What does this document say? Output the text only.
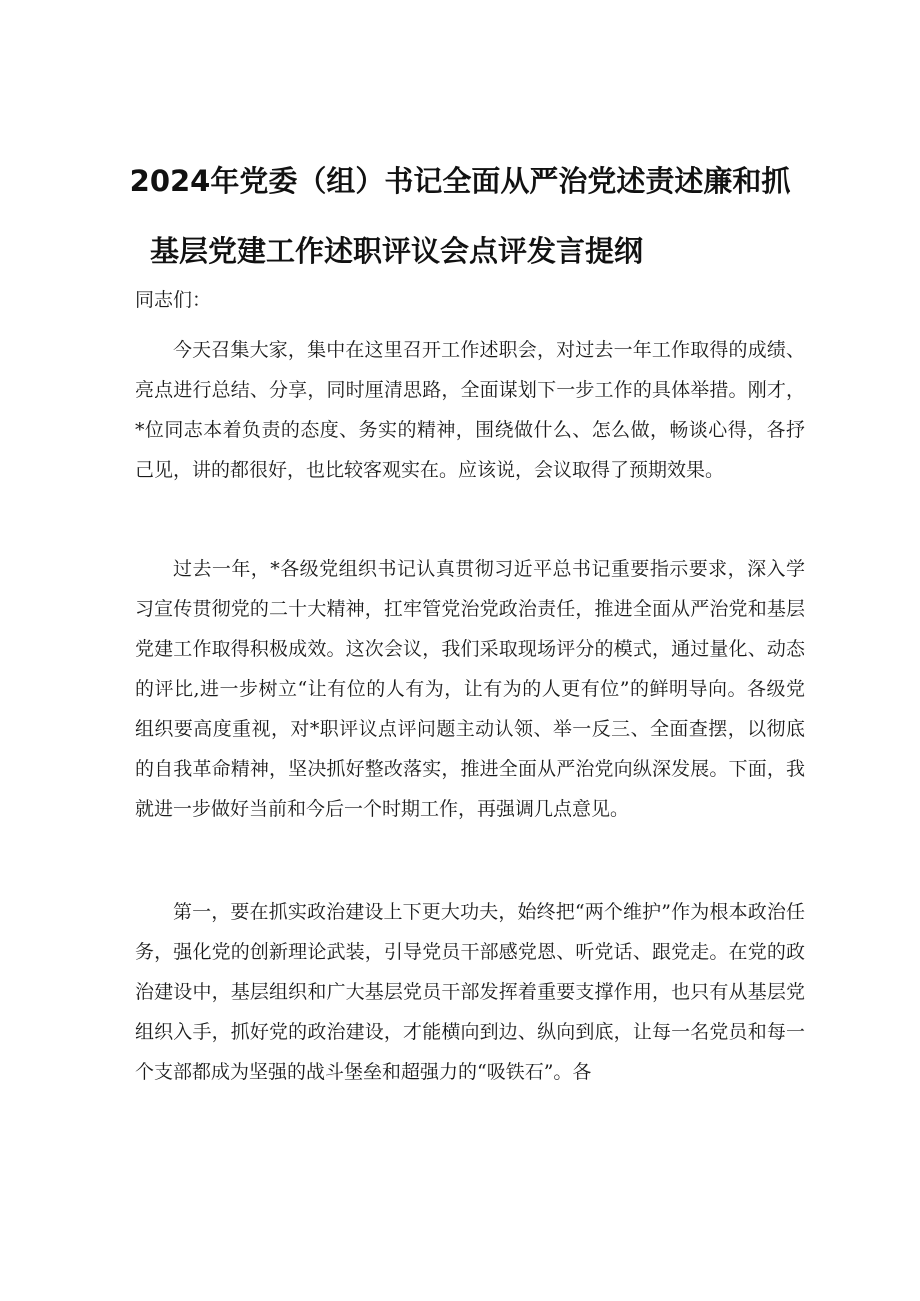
2024年党委（组）书记全面从严治党述责述廉和抓
基层党建工作述职评议会点评发言提纲

同志们：

今天召集大家，集中在这里召开工作述职会，对过去一年工作取得的成绩、亮点进行总结、分享，同时厘清思路，全面谋划下一步工作的具体举措。刚才，*位同志本着负责的态度、务实的精神，围绕做什么、怎么做，畅谈心得，各抒己见，讲的都很好，也比较客观实在。应该说，会议取得了预期效果。

过去一年，*各级党组织书记认真贯彻习近平总书记重要指示要求，深入学习宣传贯彻党的二十大精神，扛牢管党治党政治责任，推进全面从严治党和基层党建工作取得积极成效。这次会议，我们采取现场评分的模式，通过量化、动态的评比,进一步树立“让有位的人有为，让有为的人更有位”的鲜明导向。各级党组织要高度重视，对*职评议点评问题主动认领、举一反三、全面查摆，以彻底的自我革命精神，坚决抓好整改落实，推进全面从严治党向纵深发展。下面，我就进一步做好当前和今后一个时期工作，再强调几点意见。

第一，要在抓实政治建设上下更大功夫，始终把“两个维护”作为根本政治任务，强化党的创新理论武装，引导党员干部感党恩、听党话、跟党走。在党的政治建设中，基层组织和广大基层党员干部发挥着重要支撑作用，也只有从基层党组织入手，抓好党的政治建设，才能横向到边、纵向到底，让每一名党员和每一个支部都成为坚强的战斗堡垒和超强力的“吸铁石”。各
